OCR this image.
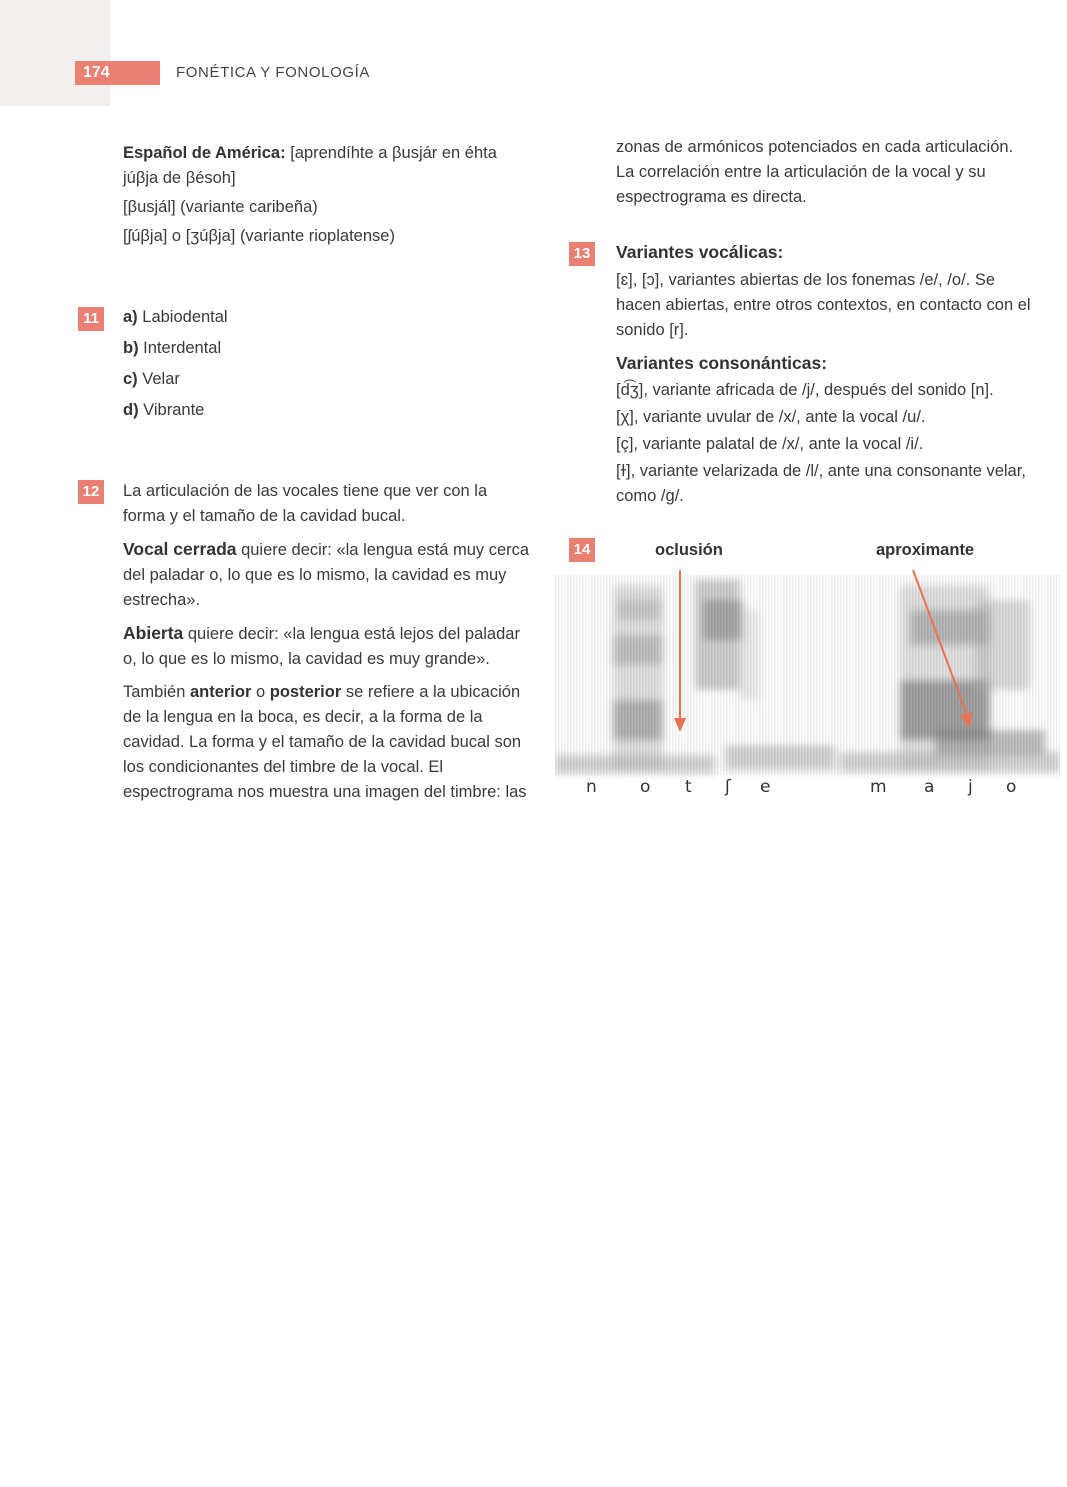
174	FONÉTICA Y FONOLOGÍA

Español de América: [aprendíhte a βusjár en éhta

júβja de βésoh]

[βusjál] (variante caribeña)

[ʃúβja] o [ʒúβja] (variante rioplatense)

11	a) Labiodental

b) Interdental

c) Velar

d) Vibrante

12 La articulación de las vocales tiene que ver con la forma y el tamaño de la cavidad bucal.

Vocal cerrada quiere decir: «la lengua está muy cerca del paladar o, lo que es lo mismo, la cavidad es muy estrecha».

Abierta quiere decir: «la lengua está lejos del paladar o, lo que es lo mismo, la cavidad es muy grande».

También anterior o posterior se refiere a la ubicación de la lengua en la boca, es decir, a la forma de la cavidad. La forma y el tamaño de la cavidad bucal son los condicionantes del timbre de la vocal. El espectrograma nos muestra una imagen del timbre: las

zonas de armónicos potenciados en cada articulación. La correlación entre la articulación de la vocal y su espectrograma es directa.

13 Variantes vocálicas:

[ɛ], [ɔ], variantes abiertas de los fonemas /e/, /o/. Se hacen abiertas, entre otros contextos, en contacto con el sonido [r].

Variantes consonánticas:

[d͡ʒ], variante africada de /j/, después del sonido [n].

[χ], variante uvular de /x/, ante la vocal /u/.

[ç], variante palatal de /x/, ante la vocal /i/.

[ɫ], variante velarizada de /l/, ante una consonante velar, como /g/.

14	oclusión	aproximante
n	o t ʃ e	m a j o
